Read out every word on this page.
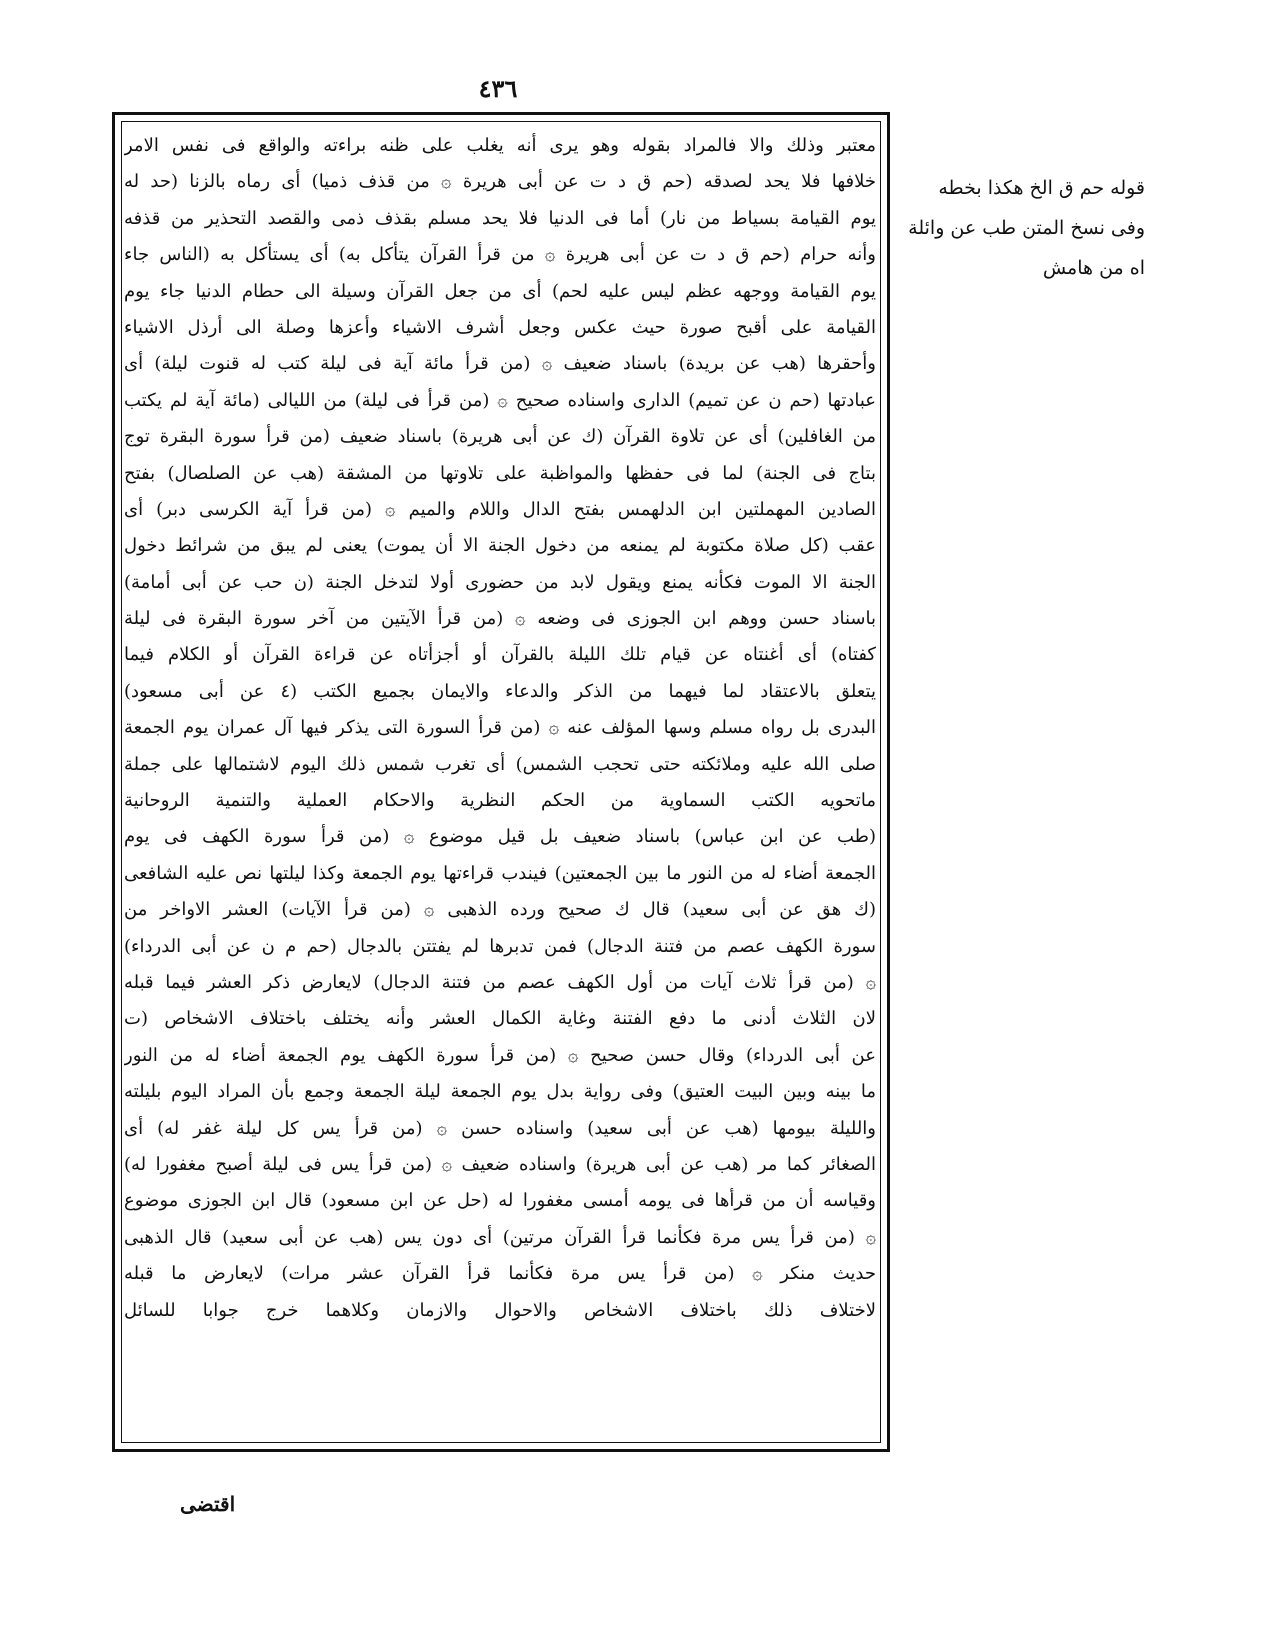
٤٣٦
قوله حم ق الخ هكذا بخطه
وفى نسخ المتن طب عن وائلة
اه من هامش
معتبر وذلك والا فالمراد بقوله وهو يرى أنه يغلب على ظنه براءته والواقع فى نفس الامر
خلافها فلا يحد لصدقه (حم ق د ت عن أبى هريرة ۞ من قذف ذميا) أى رماه بالزنا (حد له
يوم القيامة بسياط من نار) أما فى الدنيا فلا يحد مسلم بقذف ذمى والقصد التحذير من قذفه
وأنه حرام (حم ق د ت عن أبى هريرة ۞ من قرأ القرآن يتأكل به) أى يستأكل به (الناس جاء
يوم القيامة ووجهه عظم ليس عليه لحم) أى من جعل القرآن وسيلة الى حطام الدنيا جاء يوم
القيامة على أقبح صورة حيث عكس وجعل أشرف الاشياء وأعزها وصلة الى أرذل الاشياء
وأحقرها (هب عن بريدة) باسناد ضعيف ۞ (من قرأ مائة آية فى ليلة كتب له قنوت ليلة) أى
عبادتها (حم ن عن تميم) الدارى واسناده صحيح ۞ (من قرأ فى ليلة) من الليالى (مائة آية لم يكتب
من الغافلين) أى عن تلاوة القرآن (ك عن أبى هريرة) باسناد ضعيف (من قرأ سورة البقرة توج
بتاج فى الجنة) لما فى حفظها والمواظبة على تلاوتها من المشقة (هب عن الصلصال) بفتح
الصادين المهملتين ابن الدلهمس بفتح الدال واللام والميم ۞ (من قرأ آية الكرسى دبر) أى
عقب (كل صلاة مكتوبة لم يمنعه من دخول الجنة الا أن يموت) يعنى لم يبق من شرائط دخول
الجنة الا الموت فكأنه يمنع ويقول لابد من حضورى أولا لتدخل الجنة (ن حب عن أبى أمامة)
باسناد حسن ووهم ابن الجوزى فى وضعه ۞ (من قرأ الآيتين من آخر سورة البقرة فى ليلة
كفتاه) أى أغنتاه عن قيام تلك الليلة بالقرآن أو أجزأتاه عن قراءة القرآن أو الكلام فيما
يتعلق بالاعتقاد لما فيهما من الذكر والدعاء والايمان بجميع الكتب (٤ عن أبى مسعود)
البدرى بل رواه مسلم وسها المؤلف عنه ۞ (من قرأ السورة التى يذكر فيها آل عمران يوم الجمعة
صلى الله عليه وملائكته حتى تحجب الشمس) أى تغرب شمس ذلك اليوم لاشتمالها على جملة
ماتحويه الكتب السماوية من الحكم النظرية والاحكام العملية والتنمية الروحانية
(طب عن ابن عباس) باسناد ضعيف بل قيل موضوع ۞ (من قرأ سورة الكهف فى يوم
الجمعة أضاء له من النور ما بين الجمعتين) فيندب قراءتها يوم الجمعة وكذا ليلتها نص عليه الشافعى
(ك هق عن أبى سعيد) قال ك صحيح ورده الذهبى ۞ (من قرأ الآيات) العشر الاواخر من
سورة الكهف عصم من فتنة الدجال) فمن تدبرها لم يفتتن بالدجال (حم م ن عن أبى الدرداء)
۞ (من قرأ ثلاث آيات من أول الكهف عصم من فتنة الدجال) لايعارض ذكر العشر فيما قبله
لان الثلاث أدنى ما دفع الفتنة وغاية الكمال العشر وأنه يختلف باختلاف الاشخاص (ت
عن أبى الدرداء) وقال حسن صحيح ۞ (من قرأ سورة الكهف يوم الجمعة أضاء له من النور
ما بينه وبين البيت العتيق) وفى رواية بدل يوم الجمعة ليلة الجمعة وجمع بأن المراد اليوم بليلته
والليلة بيومها (هب عن أبى سعيد) واسناده حسن ۞ (من قرأ يس كل ليلة غفر له) أى
الصغائر كما مر (هب عن أبى هريرة) واسناده ضعيف ۞ (من قرأ يس فى ليلة أصبح مغفورا له)
وقياسه أن من قرأها فى يومه أمسى مغفورا له (حل عن ابن مسعود) قال ابن الجوزى موضوع
۞ (من قرأ يس مرة فكأنما قرأ القرآن مرتين) أى دون يس (هب عن أبى سعيد) قال الذهبى
حديث منكر ۞ (من قرأ يس مرة فكأنما قرأ القرآن عشر مرات) لايعارض ما قبله
لاختلاف ذلك باختلاف الاشخاص والاحوال والازمان وكلاهما خرج جوابا للسائل
اقتضى
